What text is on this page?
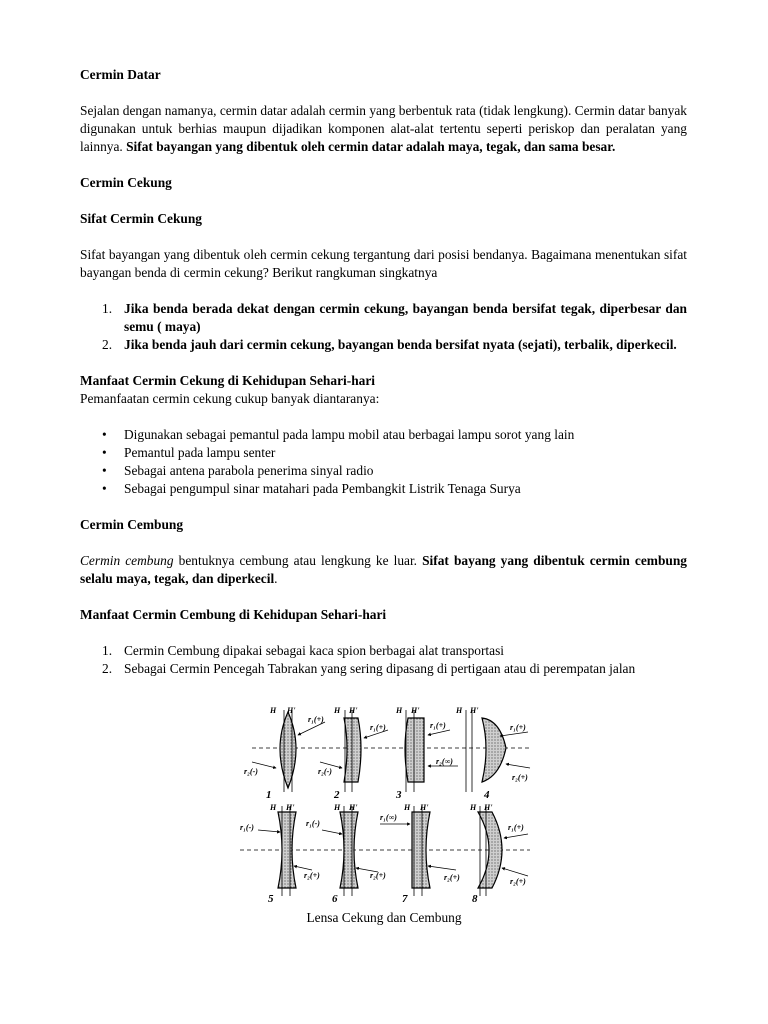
Cermin Datar

Sejalan dengan namanya, cermin datar adalah cermin yang berbentuk rata (tidak lengkung). Cermin datar banyak digunakan untuk berhias maupun dijadikan komponen alat-alat tertentu seperti periskop dan peralatan yang lainnya. Sifat bayangan yang dibentuk oleh cermin datar adalah maya, tegak, dan sama besar.

Cermin Cekung

Sifat Cermin Cekung

Sifat bayangan yang dibentuk oleh cermin cekung tergantung dari posisi bendanya. Bagaimana menentukan sifat bayangan benda di cermin cekung? Berikut rangkuman singkatnya

1. Jika benda berada dekat dengan cermin cekung, bayangan benda bersifat tegak, diperbesar dan semu ( maya)
2. Jika benda jauh dari cermin cekung, bayangan benda bersifat nyata (sejati), terbalik, diperkecil.

Manfaat Cermin Cekung di Kehidupan Sehari-hari

Pemanfaatan cermin cekung cukup banyak diantaranya:

• Digunakan sebagai pemantul pada lampu mobil atau berbagai lampu sorot yang lain
• Pemantul pada lampu senter
• Sebagai antena parabola penerima sinyal radio
• Sebagai pengumpul sinar matahari pada Pembangkit Listrik Tenaga Surya

Cermin Cembung

Cermin cembung bentuknya cembung atau lengkung ke luar. Sifat bayang yang dibentuk cermin cembung selalu maya, tegak, dan diperkecil.

Manfaat Cermin Cembung di Kehidupan Sehari-hari

1. Cermin Cembung dipakai sebagai kaca spion berbagai alat transportasi
2. Sebagai Cermin Pencegah Tabrakan yang sering dipasang di pertigaan atau di perempatan jalan
H H'
r₁(+)
r₂(-)
1
H H'
r₁(+)
r₂(-)
2
H H'
r₁(+)
r₂(∞)
3
H H'
r₁(+)
r₂(+)
4
H H'
r₁(-)
r₂(+)
5
H H'
r₁(-)
r₂(+)
6
H H'
r₁(∞)
r₂(+)
7
H H'
r₁(+)
r₂(+)
8
Lensa Cekung dan Cembung
